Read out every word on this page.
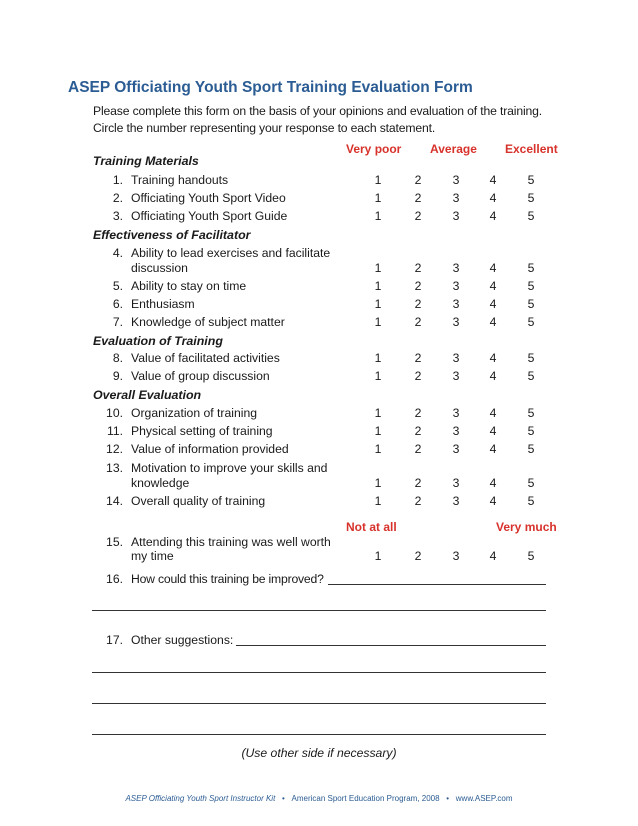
ASEP Officiating Youth Sport Training Evaluation Form
Please complete this form on the basis of your opinions and evaluation of the training.
Circle the number representing your response to each statement.
Very poor Average Excellent
Training Materials
1. Training handouts	1	2	3	4	5
2. Officiating Youth Sport Video	1	2	3	4	5
3. Officiating Youth Sport Guide	1	2	3	4	5
Effectiveness of Facilitator
4. Ability to lead exercises and facilitate
discussion	1	2	3	4	5
5. Ability to stay on time	1	2	3	4	5
6. Enthusiasm	1	2	3	4	5
7. Knowledge of subject matter	1	2	3	4	5
Evaluation of Training
8. Value of facilitated activities	1	2	3	4	5
9. Value of group discussion	1	2	3	4	5
Overall Evaluation
10. Organization of training	1	2	3	4	5
11. Physical setting of training	1	2	3	4	5
12. Value of information provided	1	2	3	4	5
13. Motivation to improve your skills and
knowledge	1	2	3	4	5
14. Overall quality of training	1	2	3	4	5
Not at all	Very much
15. Attending this training was well worth
my time	1	2	3	4	5
16. How could this training be improved?
17. Other suggestions:
(Use other side if necessary)
ASEP Officiating Youth Sport Instructor Kit • American Sport Education Program, 2008 • www.ASEP.com
